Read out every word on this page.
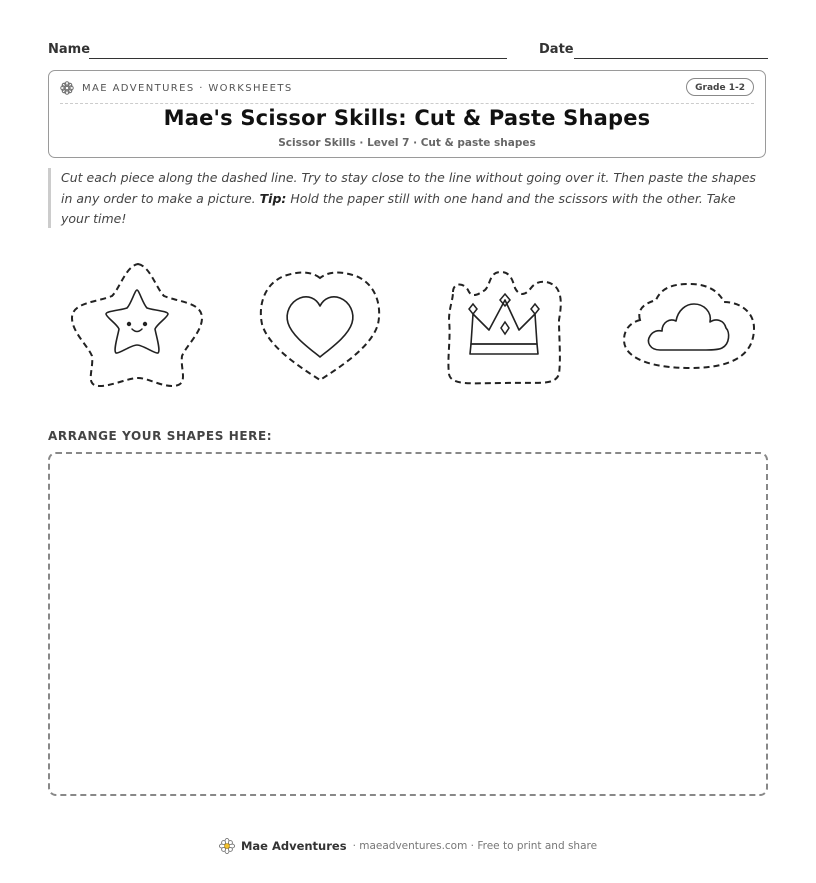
Name	Date
MAE ADVENTURES · WORKSHEETS	Grade 1-2
Mae's Scissor Skills: Cut & Paste Shapes
Scissor Skills · Level 7 · Cut & paste shapes
Cut each piece along the dashed line. Try to stay close to the line without going over it. Then paste the shapes in any order to make a picture. Tip: Hold the paper still with one hand and the scissors with the other. Take your time!
ARRANGE YOUR SHAPES HERE:
Mae Adventures · maeadventures.com · Free to print and share
